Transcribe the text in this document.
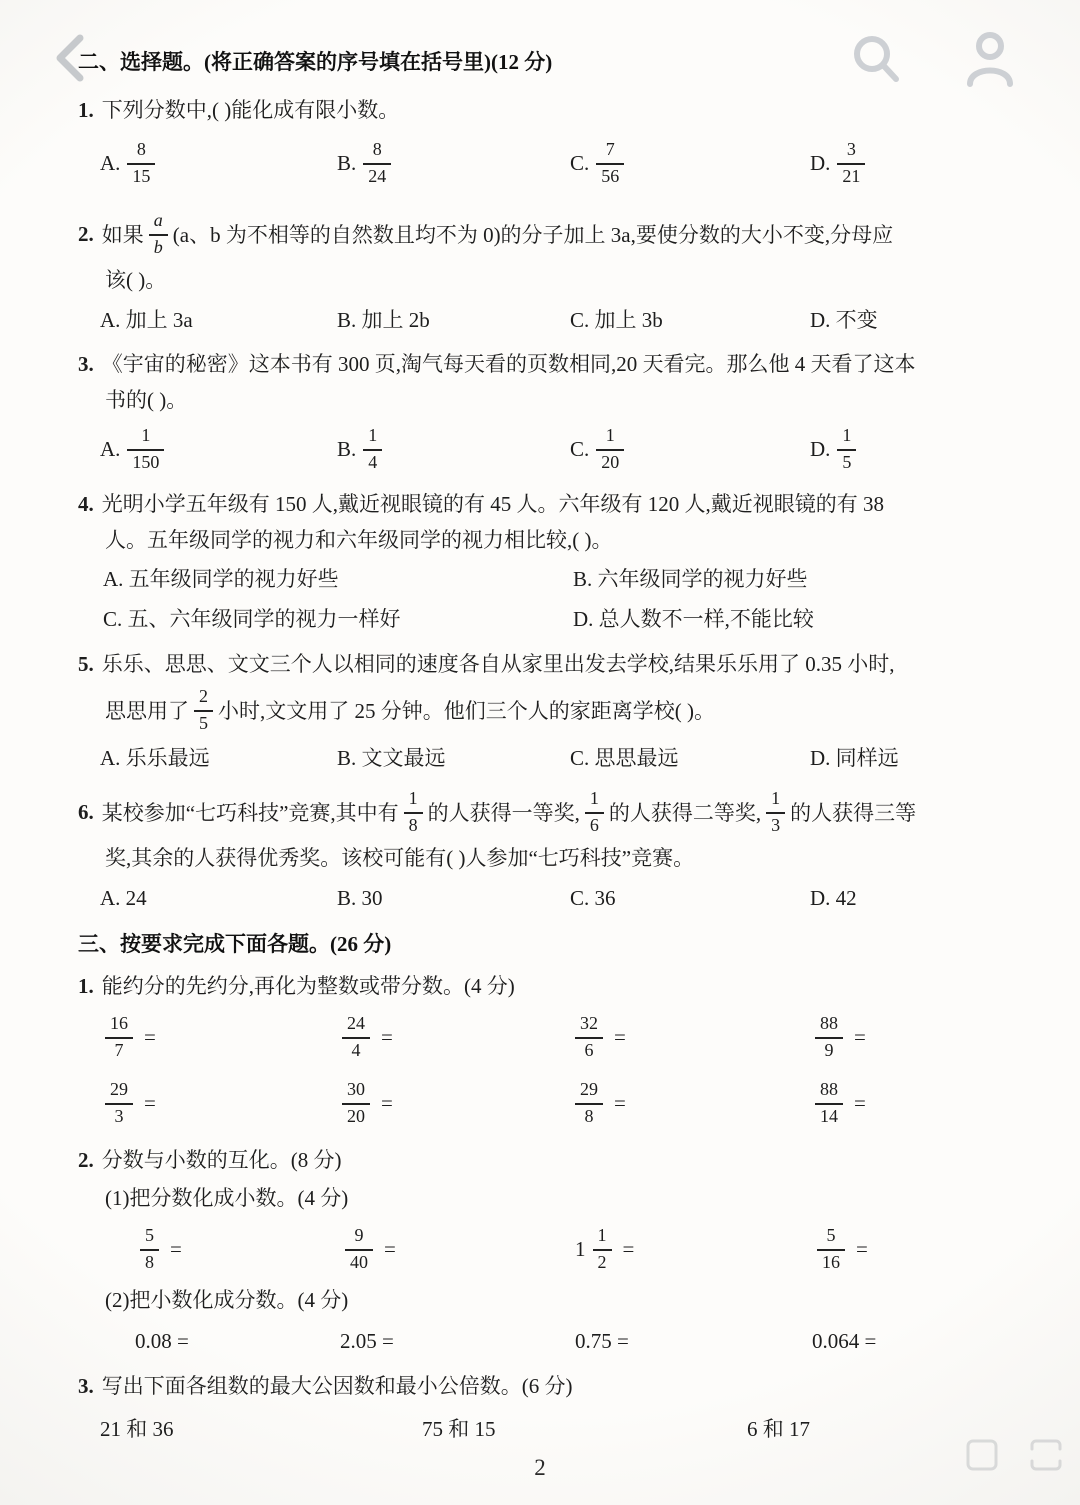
二、选择题。(将正确答案的序号填在括号里)(12 分)
1. 下列分数中,( )能化成有限小数。
A. $\frac{8}{15}$	B. $\frac{8}{24}$	C. $\frac{7}{56}$	D. $\frac{3}{21}$
2. 如果 $\frac{a}{b} (a$、b 为不相等的自然数且均不为 0)的分子加上 3a,要使分数的大小不变,分母应
该( )。
A. 加上 3a	B. 加上 2b	C. 加上 3b	D. 不变
3. 《宇宙的秘密》这本书有 300 页,淘气每天看的页数相同,20 天看完。那么他 4 天看了这本
书的( )。
A. $\frac{1}{150}$	B. $\frac{1}{4}$	C. $\frac{1}{20}$	D. $\frac{1}{5}$
4. 光明小学五年级有 150 人,戴近视眼镜的有 45 人。六年级有 120 人,戴近视眼镜的有 38
人。五年级同学的视力和六年级同学的视力相比较,( )。
A. 五年级同学的视力好些	B. 六年级同学的视力好些
C. 五、六年级同学的视力一样好	D. 总人数不一样,不能比较
5. 乐乐、思思、文文三个人以相同的速度各自从家里出发去学校,结果乐乐用了 0.35 小时,
思思用了 $\frac{2}{5}$ 小时,文文用了 25 分钟。他们三个人的家距离学校( )。
A. 乐乐最远	B. 文文最远	C. 思思最远	D. 同样远
6. 某校参加“七巧科技”竞赛,其中有 $\frac{1}{8}$ 的人获得一等奖, $\frac{1}{6}$ 的人获得二等奖, $\frac{1}{3}$ 的人获得三等
奖,其余的人获得优秀奖。该校可能有( )人参加“七巧科技”竞赛。
A. 24	B. 30	C. 36	D. 42
三、按要求完成下面各题。(26 分)
1. 能约分的先约分,再化为整数或带分数。(4 分)
$\frac{16}{7}$ =	$\frac{24}{4}$ =	$\frac{32}{6}$ =	$\frac{88}{9}$ =
$\frac{29}{3}$ =	$\frac{30}{20}$ =	$\frac{29}{8}$ =	$\frac{88}{14}$ =
2. 分数与小数的互化。(8 分)
(1)把分数化成小数。(4 分)
$\frac{5}{8}$ =	$\frac{9}{40}$ =	$1 \frac{1}{2}$ =	$\frac{5}{16}$ =
(2)把小数化成分数。(4 分)
0.08 =	2.05 =	0.75 =	0.064 =
3. 写出下面各组数的最大公因数和最小公倍数。(6 分)
21 和 36	75 和 15	6 和 17
2
